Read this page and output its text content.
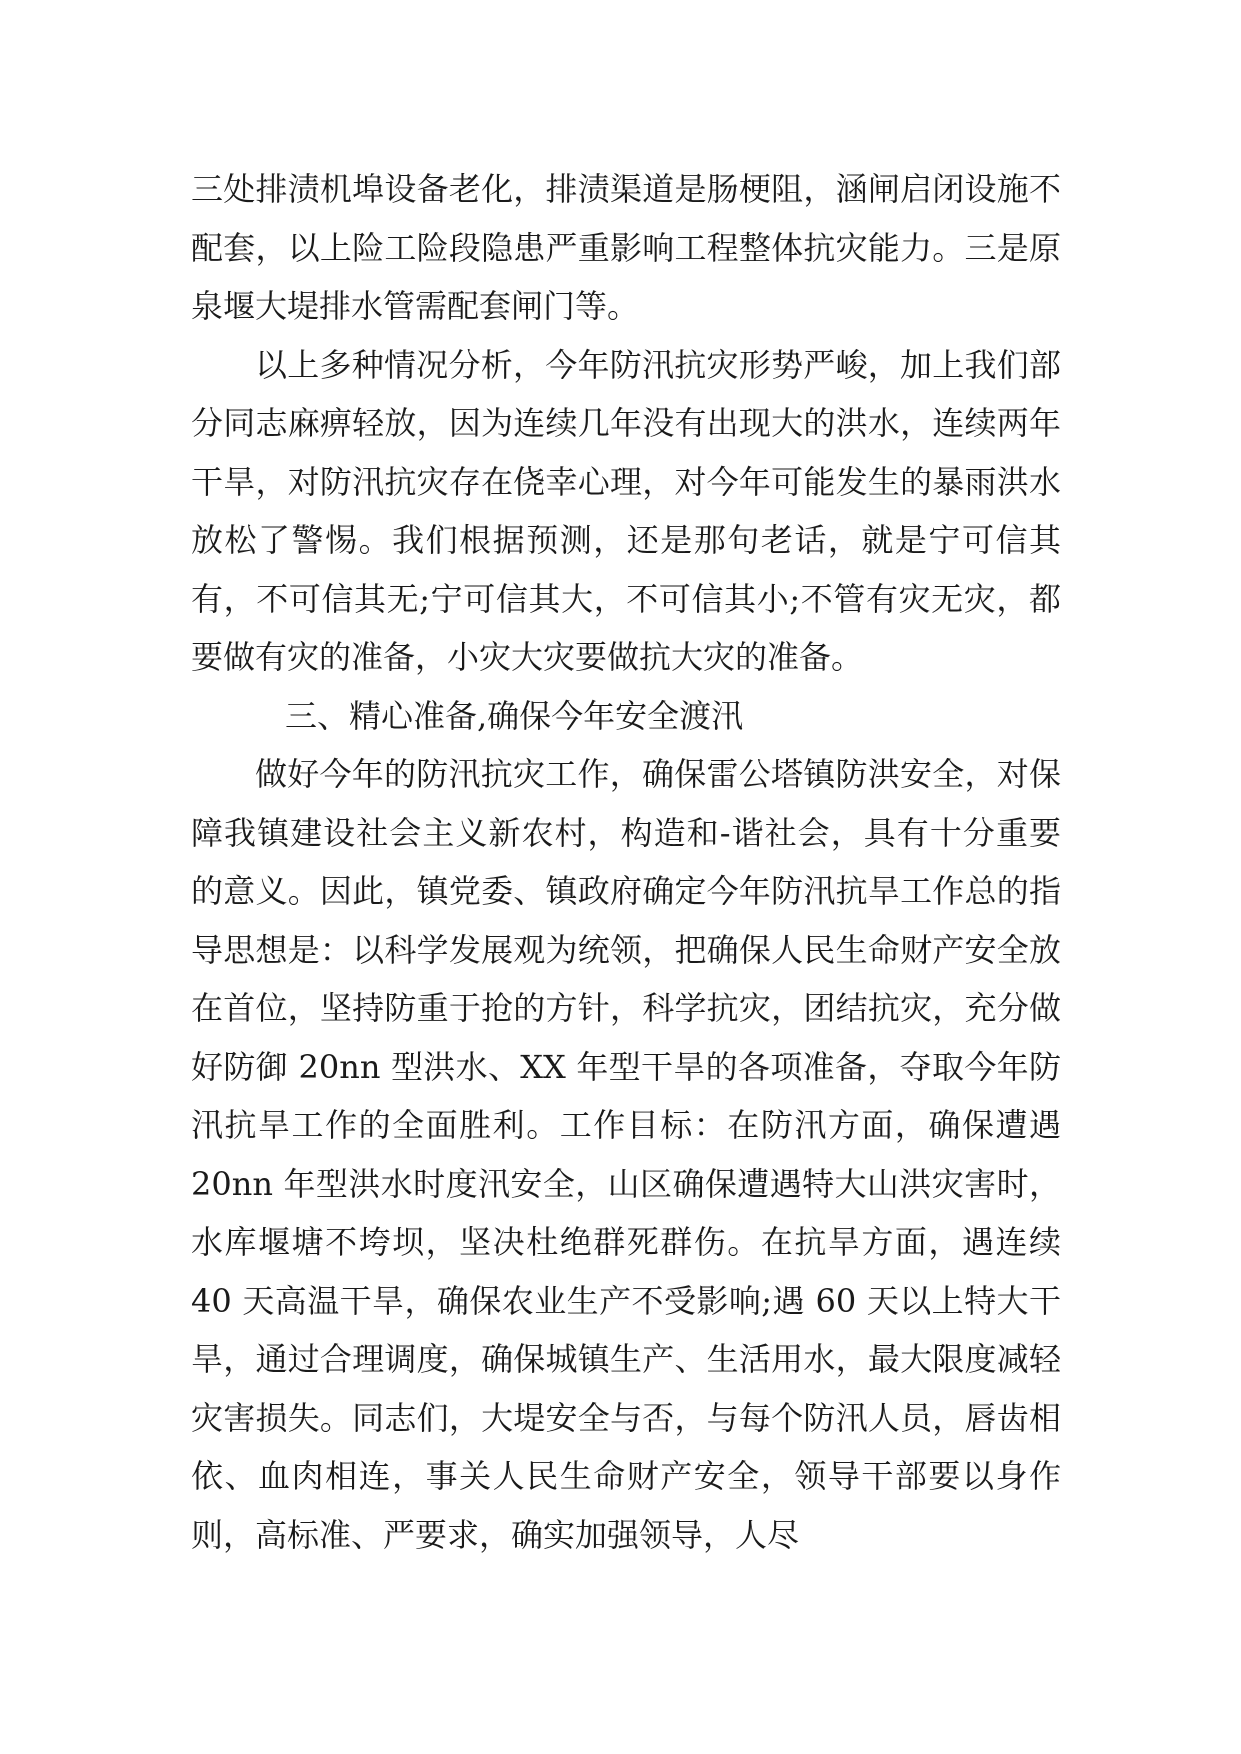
三处排渍机埠设备老化，排渍渠道是肠梗阻，涵闸启闭设施不配套，以上险工险段隐患严重影响工程整体抗灾能力。三是原泉堰大堤排水管需配套闸门等。

以上多种情况分析，今年防汛抗灾形势严峻，加上我们部分同志麻痹轻放，因为连续几年没有出现大的洪水，连续两年干旱，对防汛抗灾存在侥幸心理，对今年可能发生的暴雨洪水放松了警惕。我们根据预测，还是那句老话，就是宁可信其有，不可信其无;宁可信其大，不可信其小;不管有灾无灾，都要做有灾的准备，小灾大灾要做抗大灾的准备。

三、精心准备,确保今年安全渡汛

做好今年的防汛抗灾工作，确保雷公塔镇防洪安全，对保障我镇建设社会主义新农村，构造和-谐社会，具有十分重要的意义。因此，镇党委、镇政府确定今年防汛抗旱工作总的指导思想是：以科学发展观为统领，把确保人民生命财产安全放在首位，坚持防重于抢的方针，科学抗灾，团结抗灾，充分做好防御 20nn 型洪水、XX 年型干旱的各项准备，夺取今年防汛抗旱工作的全面胜利。工作目标：在防汛方面，确保遭遇 20nn 年型洪水时度汛安全，山区确保遭遇特大山洪灾害时，水库堰塘不垮坝，坚决杜绝群死群伤。在抗旱方面，遇连续 40 天高温干旱，确保农业生产不受影响;遇 60 天以上特大干旱，通过合理调度，确保城镇生产、生活用水，最大限度减轻灾害损失。同志们，大堤安全与否，与每个防汛人员，唇齿相依、血肉相连，事关人民生命财产安全，领导干部要以身作则，高标准、严要求，确实加强领导，人尽
